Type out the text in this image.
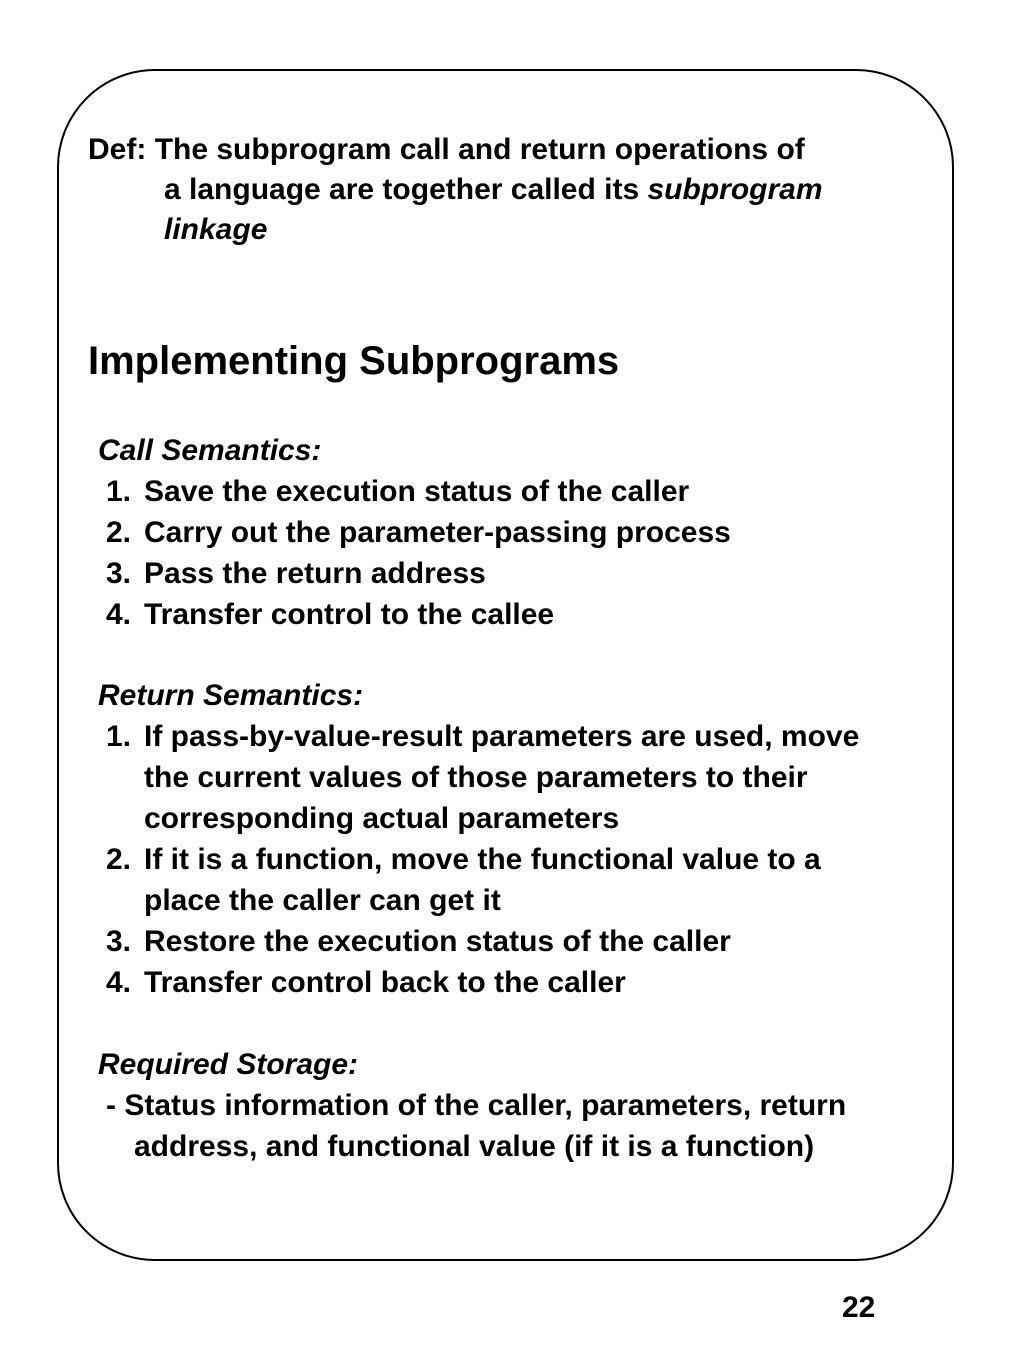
Def: The subprogram call and return operations of
a language are together called its subprogram
linkage
Implementing Subprograms

Call Semantics:

1. Save the execution status of the caller
2. Carry out the parameter-passing process
3. Pass the return address
4. Transfer control to the callee

Return Semantics:

1. If pass-by-value-result parameters are used, move
the current values of those parameters to their
corresponding actual parameters
2. If it is a function, move the functional value to a
place the caller can get it
3. Restore the execution status of the caller
4. Transfer control back to the caller

Required Storage:

- Status information of the caller, parameters, return

address, and functional value (if it is a function)

22
